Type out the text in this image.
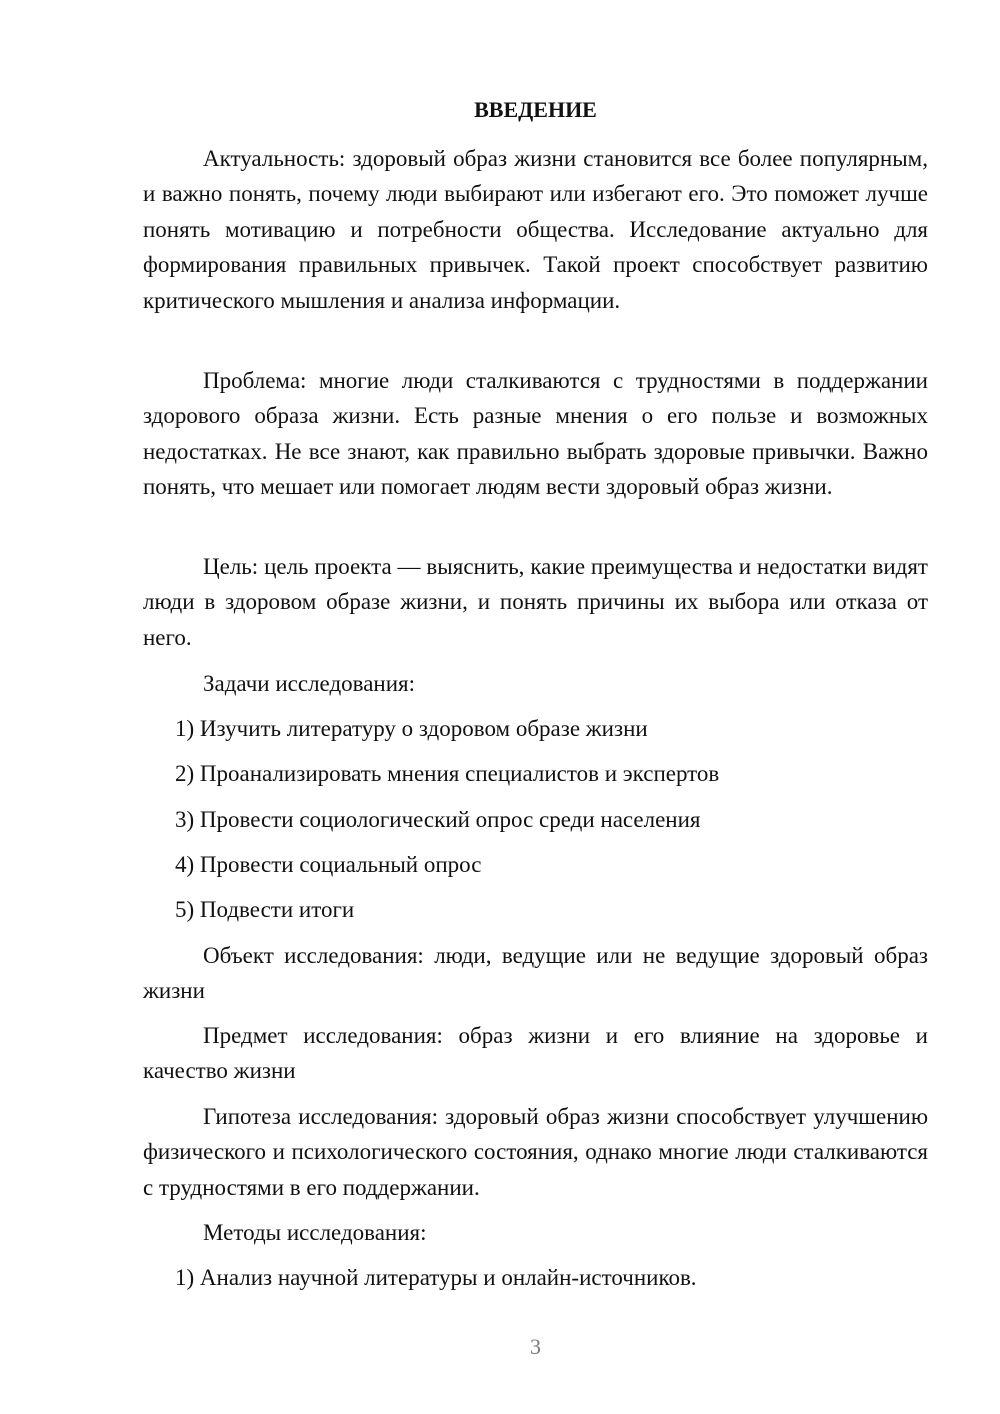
ВВЕДЕНИЕ

Актуальность: здоровый образ жизни становится все более популярным, и важно понять, почему люди выбирают или избегают его. Это поможет лучше понять мотивацию и потребности общества. Исследование актуально для формирования правильных привычек. Такой проект способствует развитию критического мышления и анализа информации.

Проблема: многие люди сталкиваются с трудностями в поддержании здорового образа жизни. Есть разные мнения о его пользе и возможных недостатках. Не все знают, как правильно выбрать здоровые привычки. Важно понять, что мешает или помогает людям вести здоровый образ жизни.

Цель: цель проекта — выяснить, какие преимущества и недостатки видят люди в здоровом образе жизни, и понять причины их выбора или отказа от него.

Задачи исследования:

1) Изучить литературу о здоровом образе жизни

2) Проанализировать мнения специалистов и экспертов

3) Провести социологический опрос среди населения

4) Провести социальный опрос

5) Подвести итоги

Объект исследования: люди, ведущие или не ведущие здоровый образ жизни

Предмет исследования: образ жизни и его влияние на здоровье и качество жизни

Гипотеза исследования: здоровый образ жизни способствует улучшению физического и психологического состояния, однако многие люди сталкиваются с трудностями в его поддержании.

Методы исследования:

1) Анализ научной литературы и онлайн-источников.

3
